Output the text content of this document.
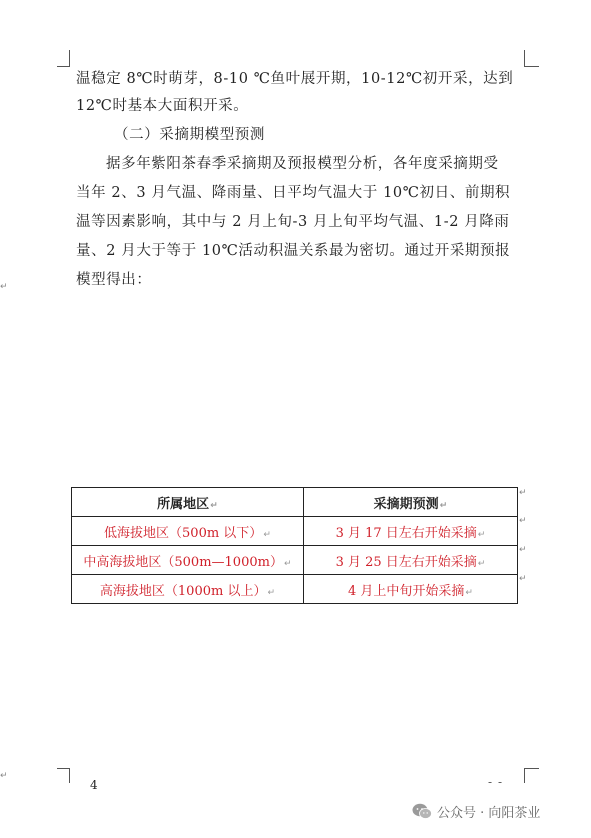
↵
↵
温稳定 8℃时萌芽，8-10 ℃鱼叶展开期，10-12℃初开采，达到
12℃时基本大面积开采。
（二）采摘期模型预测
据多年紫阳茶春季采摘期及预报模型分析，各年度采摘期受
当年 2、3 月气温、降雨量、日平均气温大于 10℃初日、前期积
温等因素影响，其中与 2 月上旬-3 月上旬平均气温、1-2 月降雨
量、2 月大于等于 10℃活动积温关系最为密切。通过开采期预报
模型得出：
所属地区↵	采摘期预测↵
低海拔地区（500m 以下）↵	3 月 17 日左右开始采摘↵
中高海拔地区（500m—1000m）↵	3 月 25 日左右开始采摘↵
高海拔地区（1000m 以上）↵	4 月上中旬开始采摘↵
↵
↵
↵
↵
4	--
公众号 · 向阳茶业
